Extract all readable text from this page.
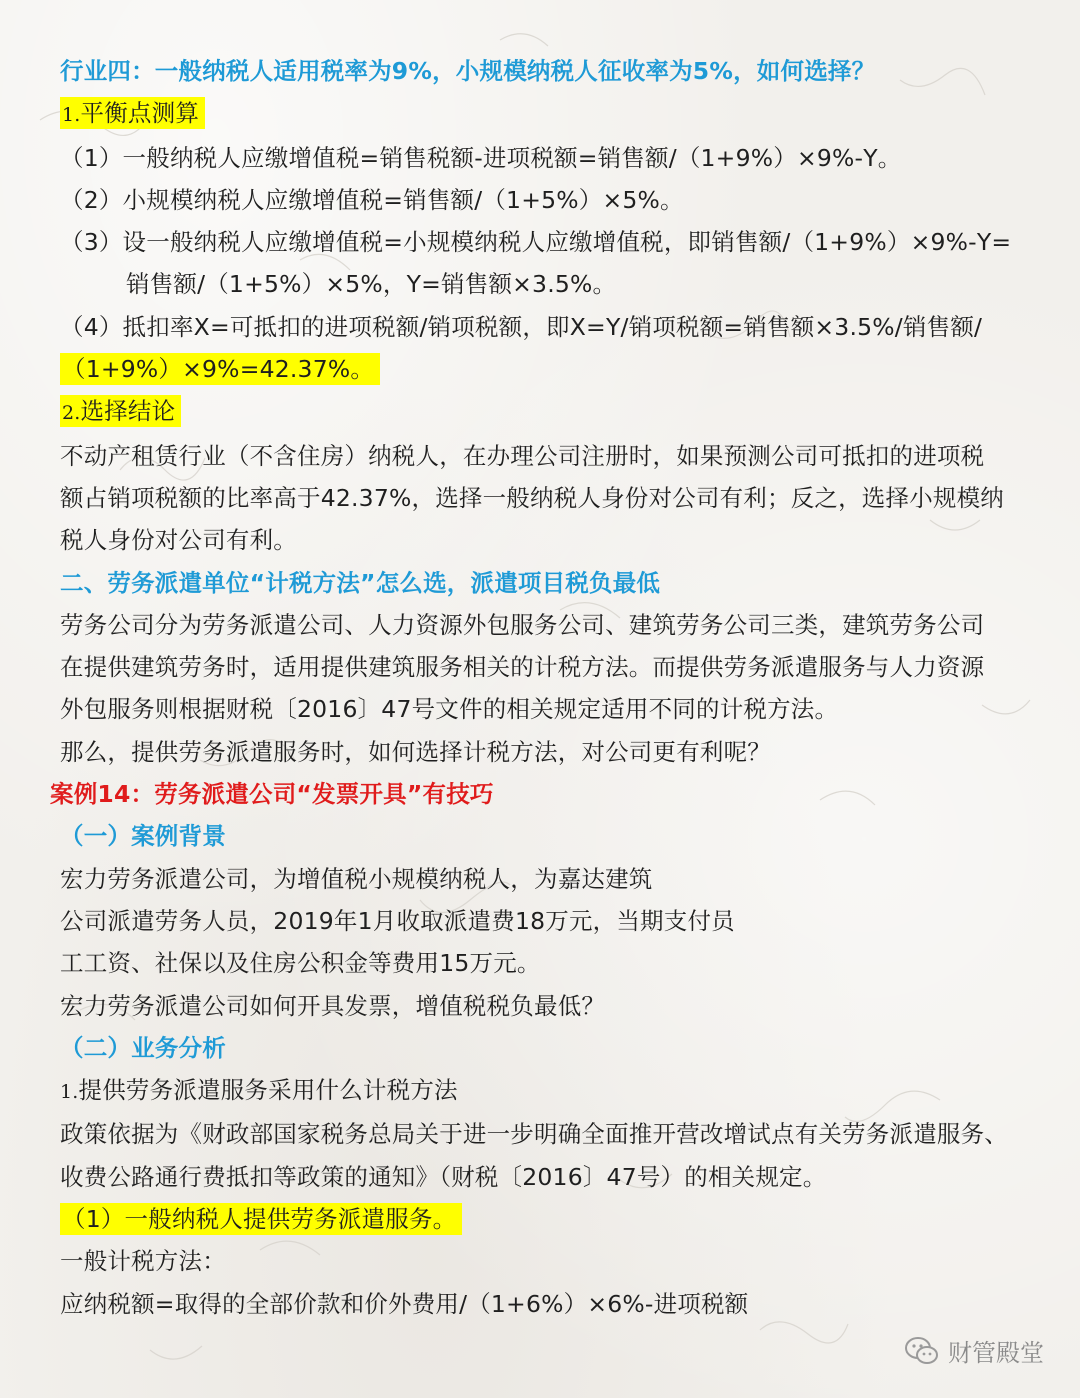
行业四：一般纳税人适用税率为9%，小规模纳税人征收率为5%，如何选择？
1.平衡点测算
（1）一般纳税人应缴增值税=销售税额-进项税额=销售额/（1+9%）×9%-Y。
（2）小规模纳税人应缴增值税=销售额/（1+5%）×5%。
（3）设一般纳税人应缴增值税=小规模纳税人应缴增值税，即销售额/（1+9%）×9%-Y=
销售额/（1+5%）×5%，Y=销售额×3.5%。
（4）抵扣率X=可抵扣的进项税额/销项税额，即X=Y/销项税额=销售额×3.5%/销售额/
（1+9%）×9%=42.37%。
2.选择结论
不动产租赁行业（不含住房）纳税人，在办理公司注册时，如果预测公司可抵扣的进项税
额占销项税额的比率高于42.37%，选择一般纳税人身份对公司有利；反之，选择小规模纳
税人身份对公司有利。
二、劳务派遣单位“计税方法”怎么选，派遣项目税负最低
劳务公司分为劳务派遣公司、人力资源外包服务公司、建筑劳务公司三类，建筑劳务公司
在提供建筑劳务时，适用提供建筑服务相关的计税方法。而提供劳务派遣服务与人力资源
外包服务则根据财税〔2016〕47号文件的相关规定适用不同的计税方法。
那么，提供劳务派遣服务时，如何选择计税方法，对公司更有利呢？
案例14：劳务派遣公司“发票开具”有技巧
（一）案例背景
宏力劳务派遣公司，为增值税小规模纳税人，为嘉达建筑
公司派遣劳务人员，2019年1月收取派遣费18万元，当期支付员
工工资、社保以及住房公积金等费用15万元。
宏力劳务派遣公司如何开具发票，增值税税负最低？
（二）业务分析
1.提供劳务派遣服务采用什么计税方法
政策依据为《财政部国家税务总局关于进一步明确全面推开营改增试点有关劳务派遣服务、
收费公路通行费抵扣等政策的通知》（财税〔2016〕47号）的相关规定。
（1）一般纳税人提供劳务派遣服务。
一般计税方法：
应纳税额=取得的全部价款和价外费用/（1+6%）×6%-进项税额
财管殿堂
